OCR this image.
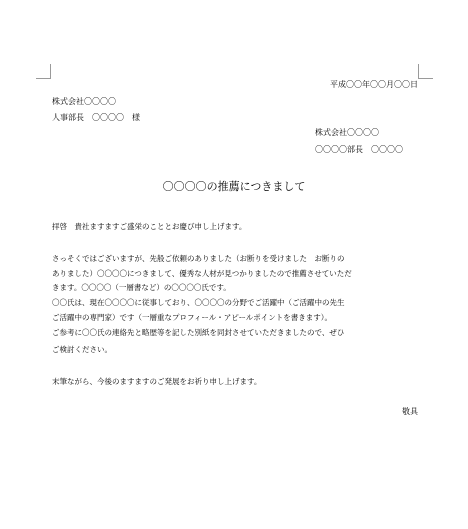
平成〇〇年〇〇月〇〇日
株式会社〇〇〇〇
人事部長　〇〇〇〇　様
株式会社〇〇〇〇
〇〇〇〇部長　〇〇〇〇
〇〇〇〇の推薦につきまして
拝啓　貴社ますますご盛栄のこととお慶び申し上げます。
さっそくではございますが、先般ご依頼のありました（お断りを受けました　お断りの
ありました）〇〇〇〇につきまして、優秀な人材が見つかりましたので推薦させていただ
きます。〇〇〇〇（一層書など）の〇〇〇〇氏です。
〇〇氏は、現在〇〇〇〇に従事しており、〇〇〇〇の分野でご活躍中（ご活躍中の先生
ご活躍中の専門家）です（一層重なプロフィール・アピールポイントを書きます）。
ご参考に〇〇氏の連絡先と略歴等を記した別紙を同封させていただきましたので、ぜひ
ご検討ください。
末筆ながら、今後のますますのご発展をお祈り申し上げます。
敬具
